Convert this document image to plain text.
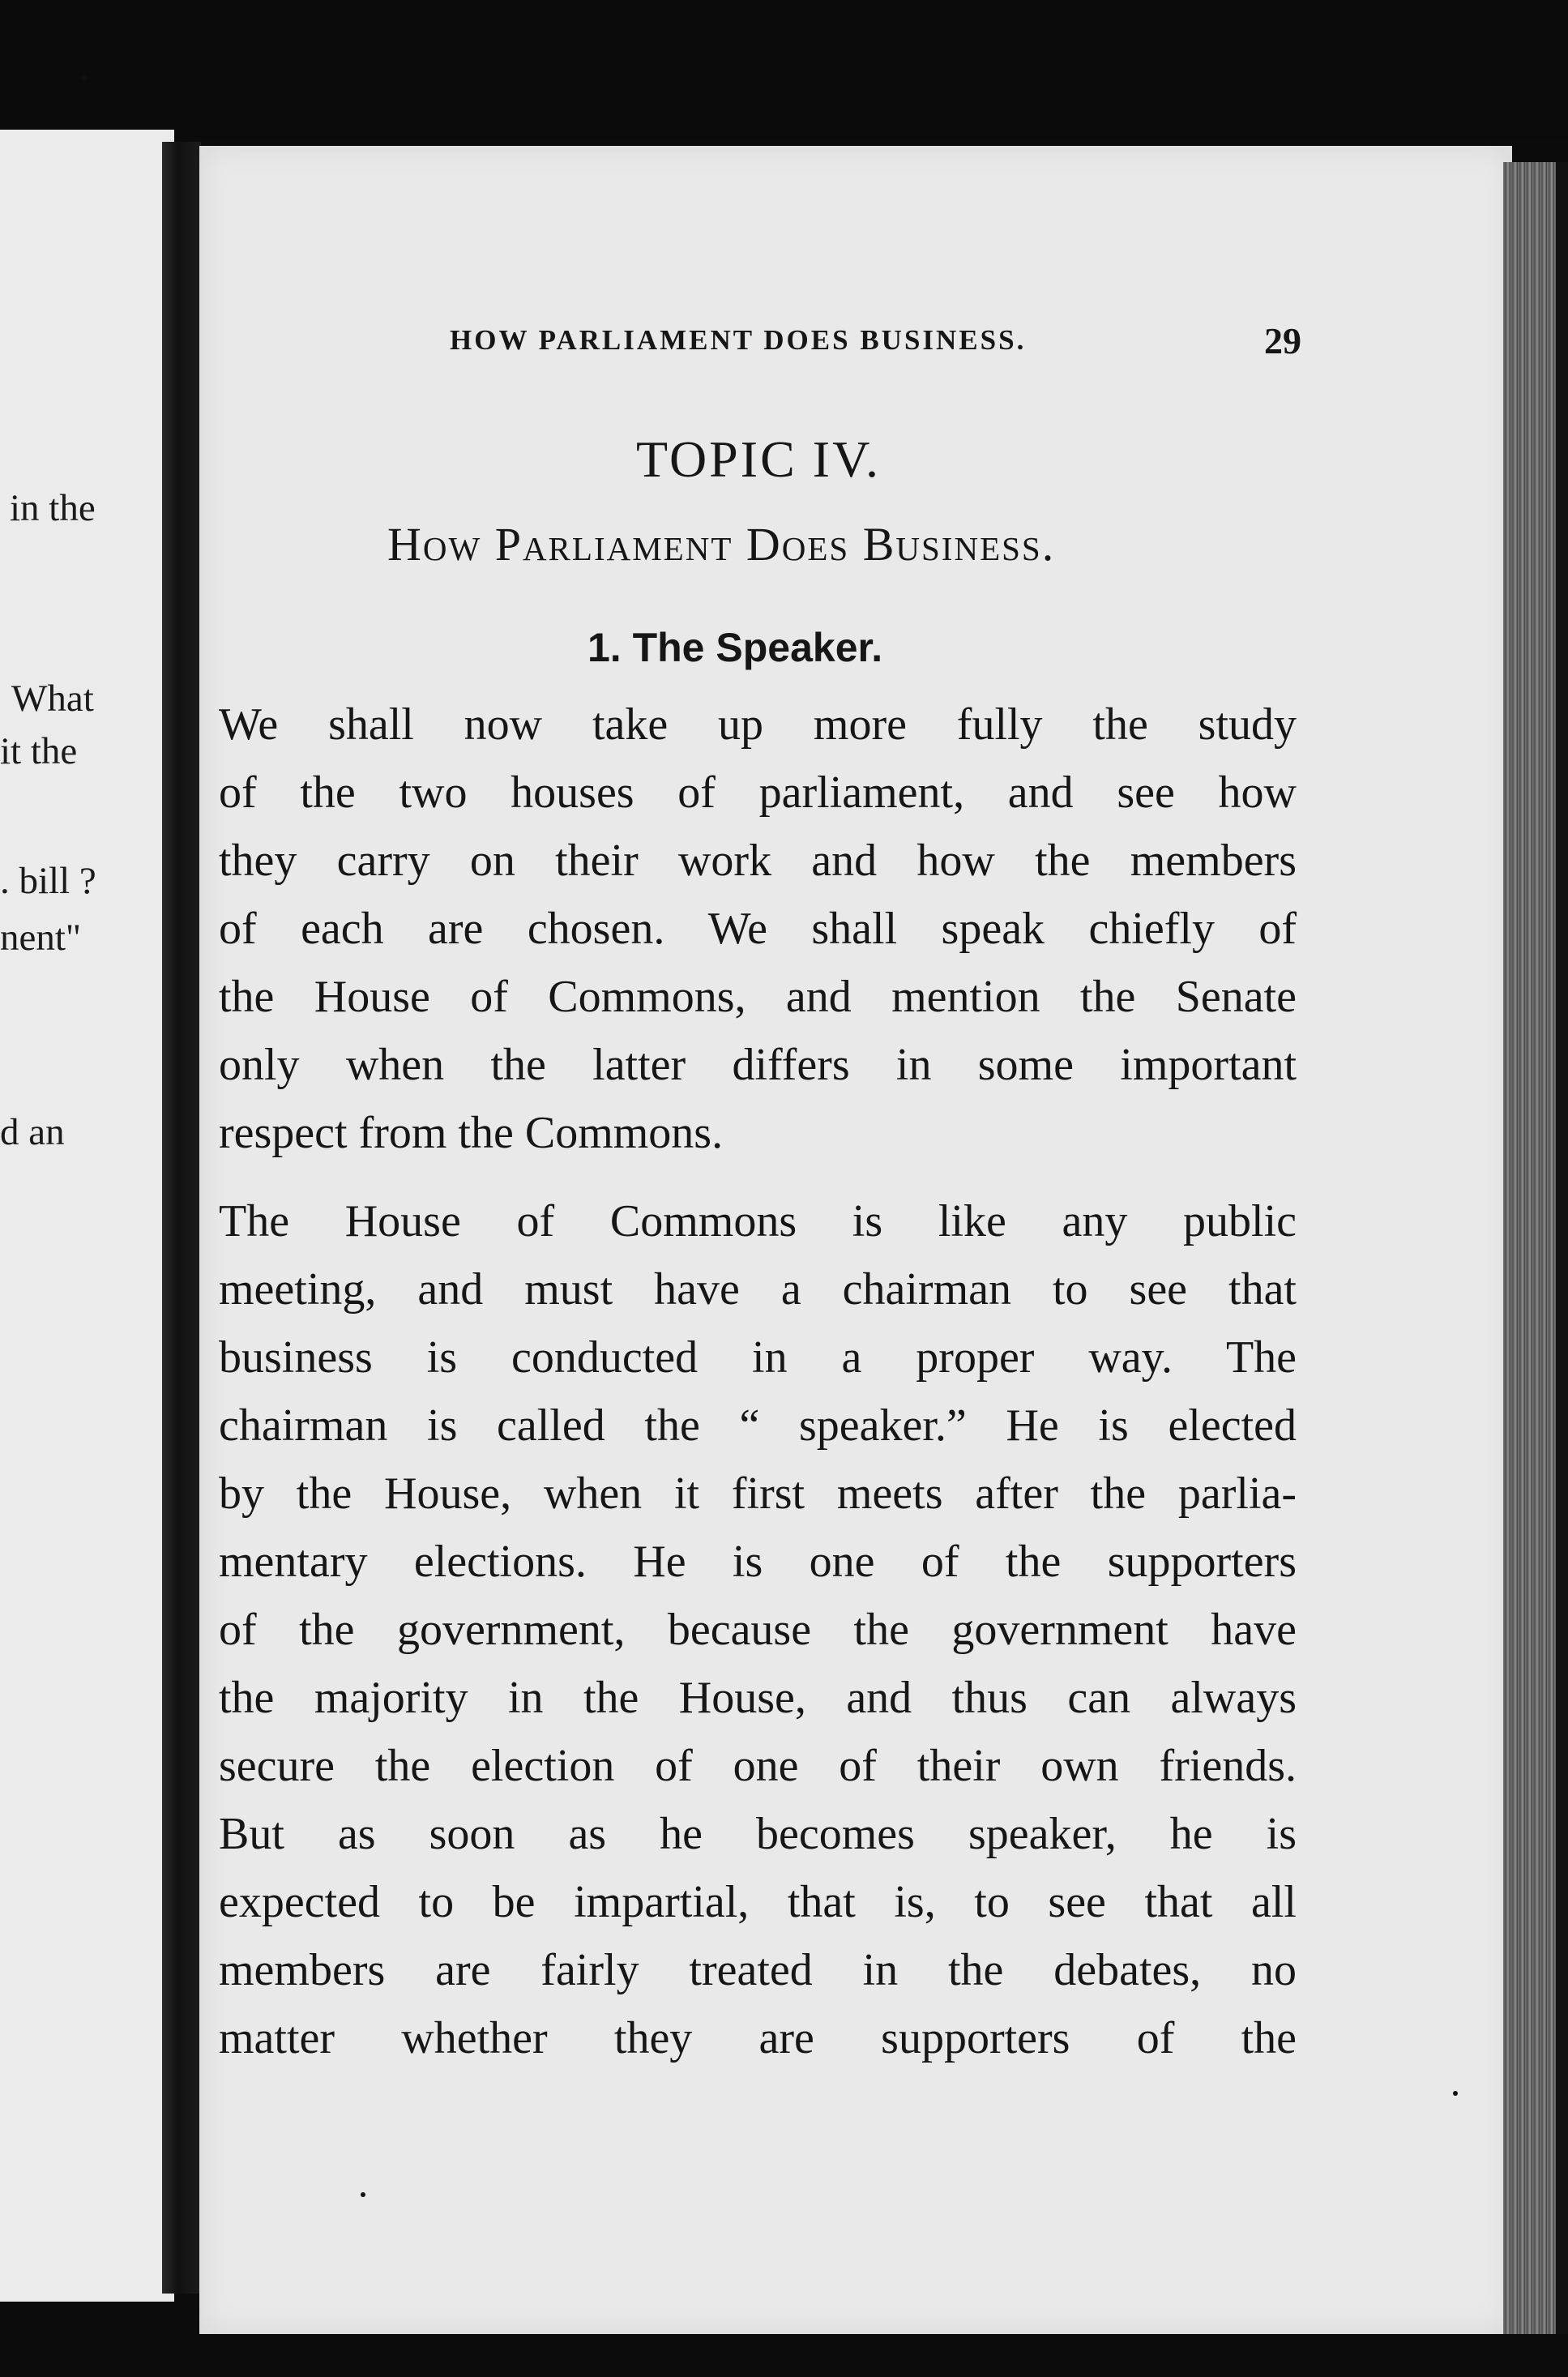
in the
What
it the
. bill ?
nent"
d an
HOW PARLIAMENT DOES BUSINESS.	29
TOPIC IV.
How Parliament Does Business.
1. The Speaker.
We shall now take up more fully the study
of the two houses of parliament, and see how
they carry on their work and how the members
of each are chosen. We shall speak chiefly of
the House of Commons, and mention the Senate
only when the latter differs in some important
respect from the Commons.
The House of Commons is like any public
meeting, and must have a chairman to see that
business is conducted in a proper way. The
chairman is called the “ speaker.” He is elected
by the House, when it first meets after the parlia-
mentary elections. He is one of the supporters
of the government, because the government have
the majority in the House, and thus can always
secure the election of one of their own friends.
But as soon as he becomes speaker, he is
expected to be impartial, that is, to see that all
members are fairly treated in the debates, no
matter whether they are supporters of the
